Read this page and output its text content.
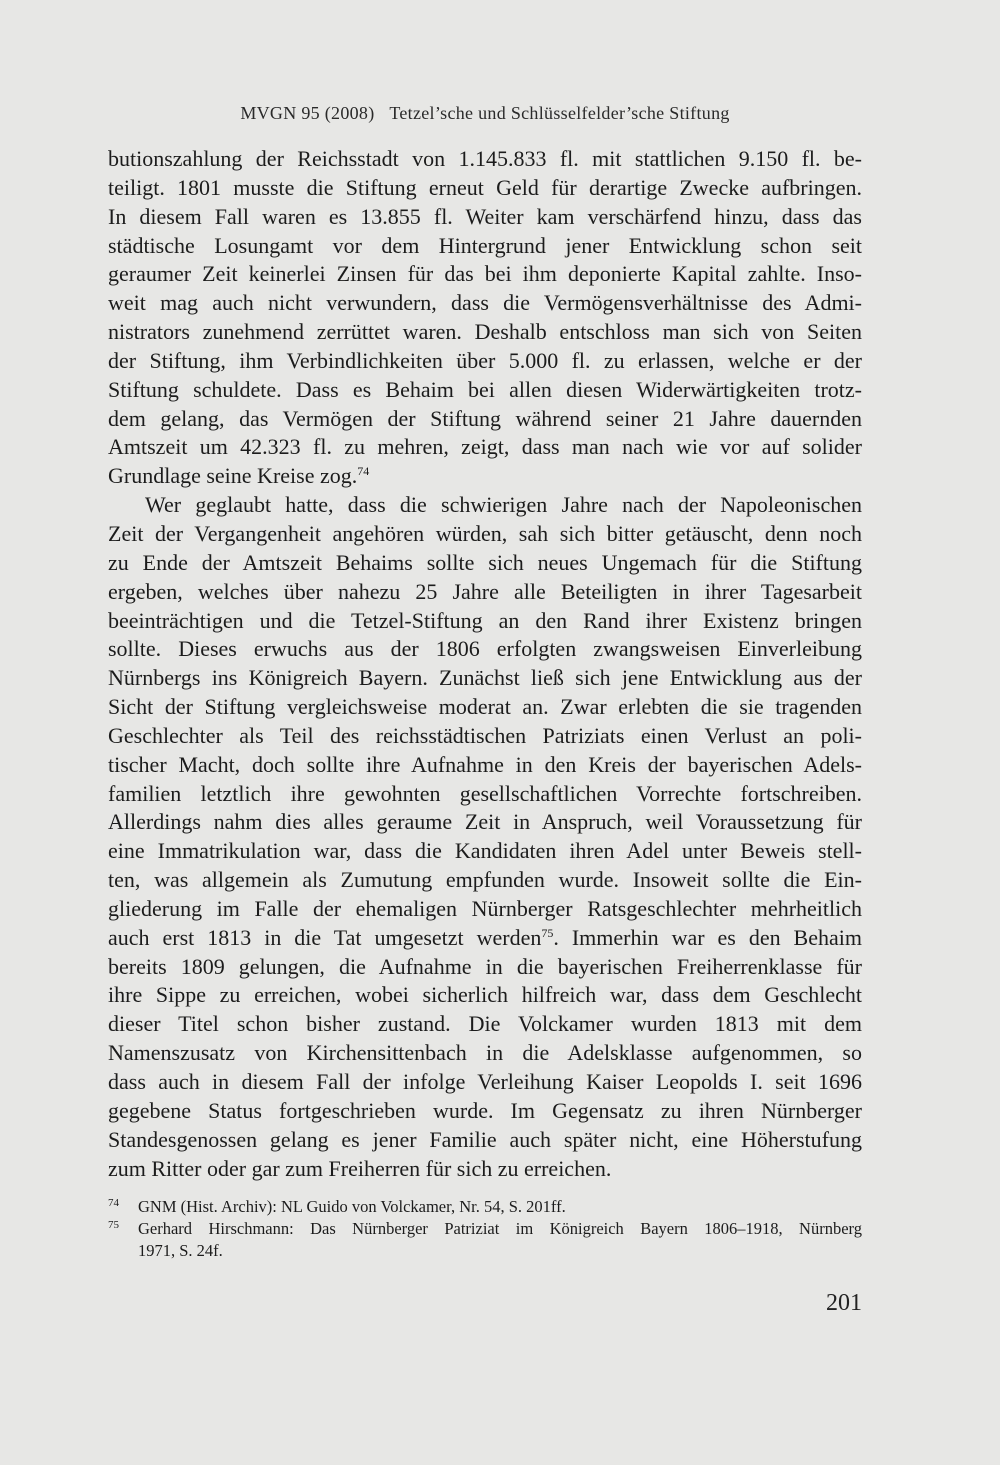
MVGN 95 (2008) Tetzel’sche und Schlüsselfelder’sche Stiftung
butionszahlung der Reichsstadt von 1.145.833 fl. mit stattlichen 9.150 fl. be-
teiligt. 1801 musste die Stiftung erneut Geld für derartige Zwecke aufbringen.
In diesem Fall waren es 13.855 fl. Weiter kam verschärfend hinzu, dass das
städtische Losungamt vor dem Hintergrund jener Entwicklung schon seit
geraumer Zeit keinerlei Zinsen für das bei ihm deponierte Kapital zahlte. Inso-
weit mag auch nicht verwundern, dass die Vermögensverhältnisse des Admi-
nistrators zunehmend zerrüttet waren. Deshalb entschloss man sich von Seiten
der Stiftung, ihm Verbindlichkeiten über 5.000 fl. zu erlassen, welche er der
Stiftung schuldete. Dass es Behaim bei allen diesen Widerwärtigkeiten trotz-
dem gelang, das Vermögen der Stiftung während seiner 21 Jahre dauernden
Amtszeit um 42.323 fl. zu mehren, zeigt, dass man nach wie vor auf solider
Grundlage seine Kreise zog.$^{74}$
Wer geglaubt hatte, dass die schwierigen Jahre nach der Napoleonischen
Zeit der Vergangenheit angehören würden, sah sich bitter getäuscht, denn noch
zu Ende der Amtszeit Behaims sollte sich neues Ungemach für die Stiftung
ergeben, welches über nahezu 25 Jahre alle Beteiligten in ihrer Tagesarbeit
beeinträchtigen und die Tetzel-Stiftung an den Rand ihrer Existenz bringen
sollte. Dieses erwuchs aus der 1806 erfolgten zwangsweisen Einverleibung
Nürnbergs ins Königreich Bayern. Zunächst ließ sich jene Entwicklung aus der
Sicht der Stiftung vergleichsweise moderat an. Zwar erlebten die sie tragenden
Geschlechter als Teil des reichsstädtischen Patriziats einen Verlust an poli-
tischer Macht, doch sollte ihre Aufnahme in den Kreis der bayerischen Adels-
familien letztlich ihre gewohnten gesellschaftlichen Vorrechte fortschreiben.
Allerdings nahm dies alles geraume Zeit in Anspruch, weil Voraussetzung für
eine Immatrikulation war, dass die Kandidaten ihren Adel unter Beweis stell-
ten, was allgemein als Zumutung empfunden wurde. Insoweit sollte die Ein-
gliederung im Falle der ehemaligen Nürnberger Ratsgeschlechter mehrheitlich
auch erst 1813 in die Tat umgesetzt werden$^{75}$. Immerhin war es den Behaim
bereits 1809 gelungen, die Aufnahme in die bayerischen Freiherrenklasse für
ihre Sippe zu erreichen, wobei sicherlich hilfreich war, dass dem Geschlecht
dieser Titel schon bisher zustand. Die Volckamer wurden 1813 mit dem
Namenszusatz von Kirchensittenbach in die Adelsklasse aufgenommen, so
dass auch in diesem Fall der infolge Verleihung Kaiser Leopolds I. seit 1696
gegebene Status fortgeschrieben wurde. Im Gegensatz zu ihren Nürnberger
Standesgenossen gelang es jener Familie auch später nicht, eine Höherstufung
zum Ritter oder gar zum Freiherren für sich zu erreichen.
$^{74}$	GNM (Hist. Archiv): NL Guido von Volckamer, Nr. 54, S. 201ff.
$^{75}$	Gerhard Hirschmann: Das Nürnberger Patriziat im Königreich Bayern 1806–1918, Nürnberg
1971, S. 24f.
201
